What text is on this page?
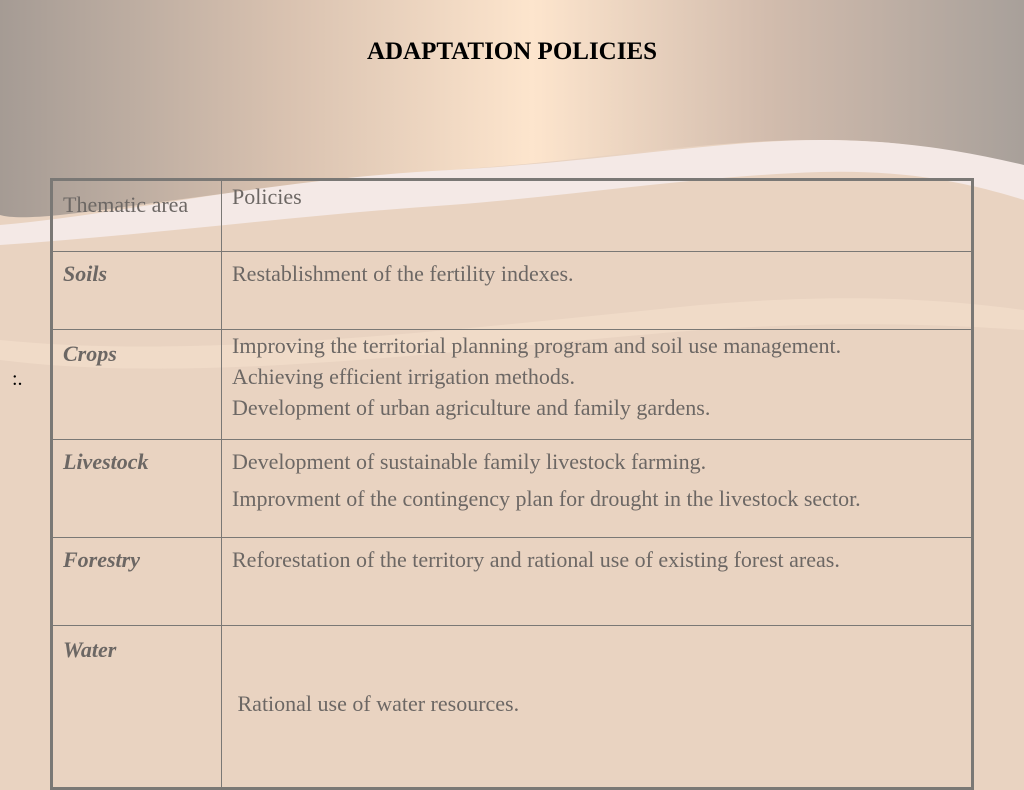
ADAPTATION POLICIES
:.
Thematic area	Policies
Soils	Restablishment of the fertility indexes.

Crops	Improving the territorial planning program and soil use management.
Achieving efficient irrigation methods.
Development of urban agriculture and family gardens.

Livestock	Development of sustainable family livestock farming.
Improvment of the contingency plan for drought in the livestock sector.

Forestry	Reforestation of the territory and rational use of existing forest areas.

Water	Rational use of water resources.
